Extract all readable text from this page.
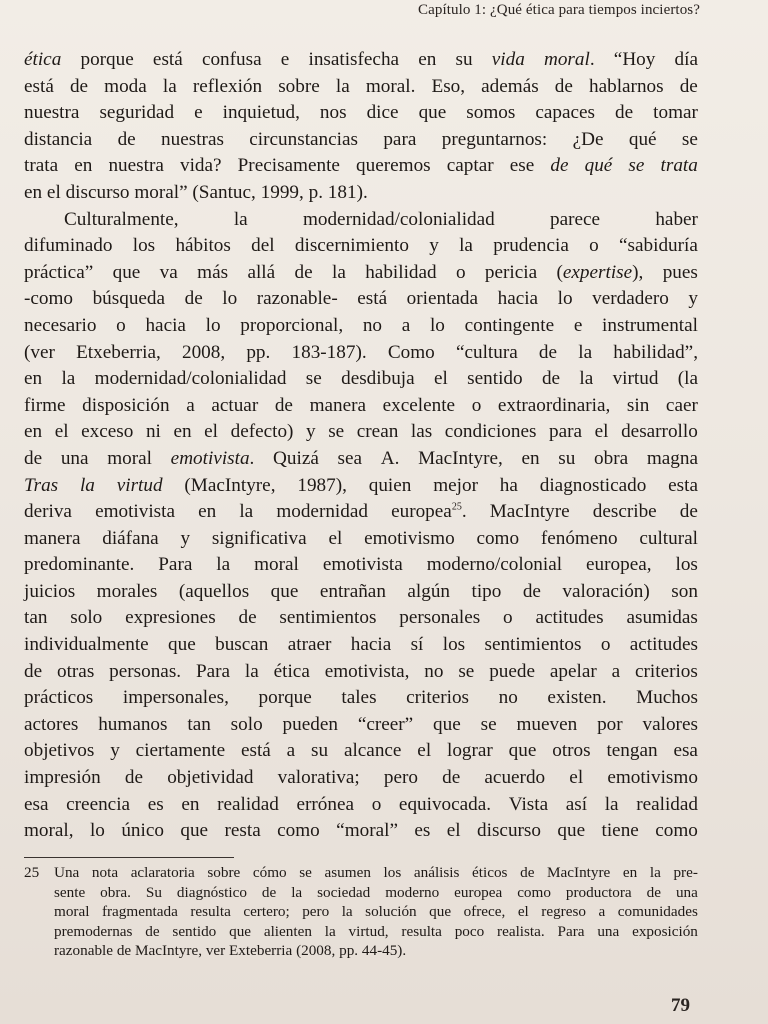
Capítulo 1: ¿Qué ética para tiempos inciertos?
ética porque está confusa e insatisfecha en su vida moral. “Hoy día
está de moda la reflexión sobre la moral. Eso, además de hablarnos de
nuestra seguridad e inquietud, nos dice que somos capaces de tomar
distancia de nuestras circunstancias para preguntarnos: ¿De qué se
trata en nuestra vida? Precisamente queremos captar ese de qué se trata
en
el
discurso
moral”
(Santuc,
1999,
p.
181).
Culturalmente,	la	modernidad/colonialidad	parece	haber
difuminado los hábitos del discernimiento y la prudencia o “sabiduría
práctica” que va más allá de la habilidad o pericia (expertise), pues
-como búsqueda de lo razonable- está orientada hacia lo verdadero y
necesario o hacia lo proporcional, no a lo contingente e instrumental
(ver Etxeberria, 2008, pp. 183-187). Como “cultura de la habilidad”,
en la modernidad/colonialidad se desdibuja el sentido de la virtud (la
firme disposición a actuar de manera excelente o extraordinaria, sin caer
en el exceso ni en el defecto) y se crean las condiciones para el desarrollo
de una moral emotivista. Quizá sea A. MacIntyre, en su obra magna
Tras la virtud (MacIntyre, 1987), quien mejor ha diagnosticado esta
deriva emotivista en la modernidad europea$^{25}$. MacIntyre describe de
manera diáfana y significativa el emotivismo como fenómeno cultural
predominante. Para la moral emotivista moderno/colonial europea, los
juicios morales (aquellos que entrañan algún tipo de valoración) son
tan solo expresiones de sentimientos personales o actitudes asumidas
individualmente que buscan atraer hacia sí los sentimientos o actitudes
de otras personas. Para la ética emotivista, no se puede apelar a criterios
prácticos impersonales, porque tales criterios no existen. Muchos
actores humanos tan solo pueden “creer” que se mueven por valores
objetivos y ciertamente está a su alcance el lograr que otros tengan esa
impresión de objetividad valorativa; pero de acuerdo el emotivismo
esa creencia es en realidad errónea o equivocada. Vista así la realidad
moral, lo único que resta como “moral” es el discurso que tiene como
25 Una nota aclaratoria sobre cómo se asumen los análisis éticos de MacIntyre en la pre-
sente obra. Su diagnóstico de la sociedad moderno europea como productora de una
moral fragmentada resulta certero; pero la solución que ofrece, el regreso a comunidades
premodernas de sentido que alienten la virtud, resulta poco realista. Para una exposición
razonable de MacIntyre, ver Exteberria (2008, pp. 44-45).
79
